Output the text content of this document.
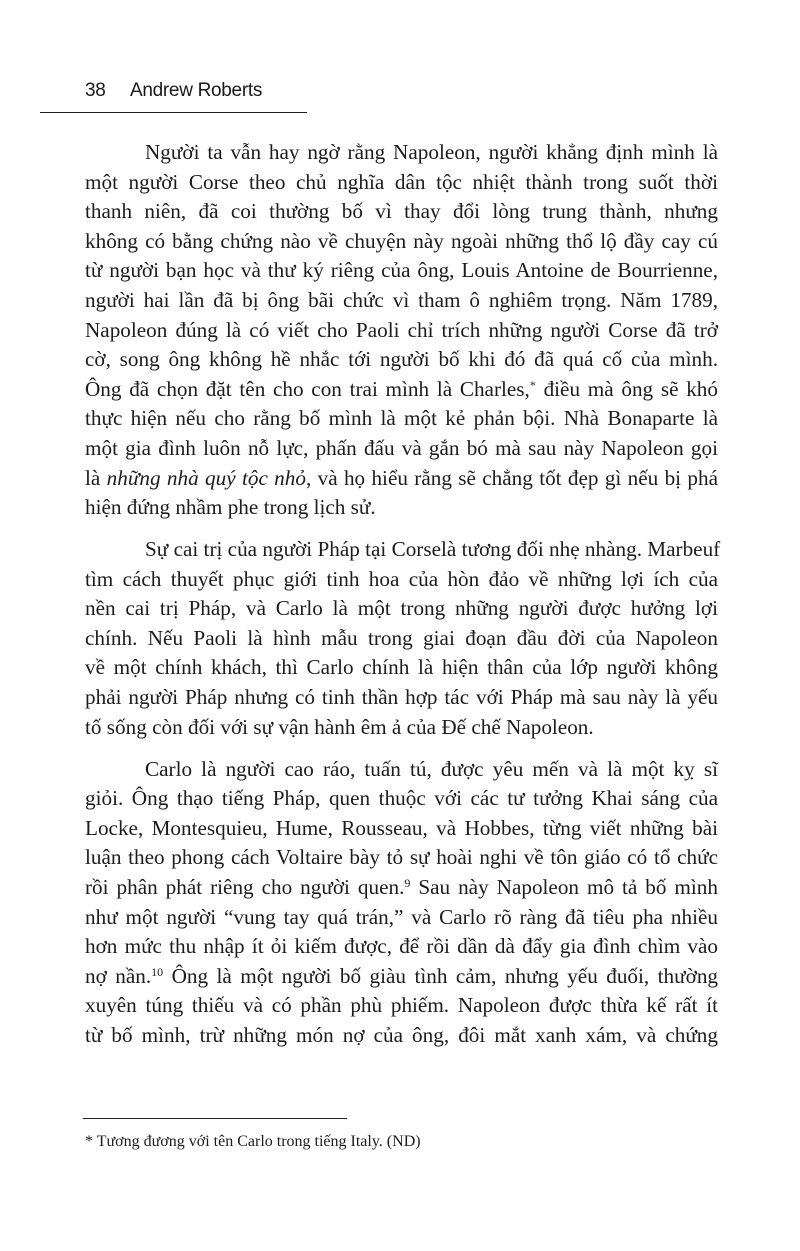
38 Andrew Roberts
Người ta vẫn hay ngờ rằng Napoleon, người khẳng định mình là
một người Corse theo chủ nghĩa dân tộc nhiệt thành trong suốt thời
thanh niên, đã coi thường bố vì thay đổi lòng trung thành, nhưng
không có bằng chứng nào về chuyện này ngoài những thổ lộ đầy cay cú
từ người bạn học và thư ký riêng của ông, Louis Antoine de Bourrienne,
người hai lần đã bị ông bãi chức vì tham ô nghiêm trọng. Năm 1789,
Napoleon đúng là có viết cho Paoli chỉ trích những người Corse đã trở
cờ, song ông không hề nhắc tới người bố khi đó đã quá cố của mình.
Ông đã chọn đặt tên cho con trai mình là Charles,* điều mà ông sẽ khó
thực hiện nếu cho rằng bố mình là một kẻ phản bội. Nhà Bonaparte là
một gia đình luôn nỗ lực, phấn đấu và gắn bó mà sau này Napoleon gọi
là những nhà quý tộc nhỏ, và họ hiểu rằng sẽ chẳng tốt đẹp gì nếu bị phá
hiện đứng nhầm phe trong lịch sử.
Sự cai trị của người Pháp tại Corselà tương đối nhẹ nhàng. Marbeuf
tìm cách thuyết phục giới tinh hoa của hòn đảo về những lợi ích của
nền cai trị Pháp, và Carlo là một trong những người được hưởng lợi
chính. Nếu Paoli là hình mẫu trong giai đoạn đầu đời của Napoleon
về một chính khách, thì Carlo chính là hiện thân của lớp người không
phải người Pháp nhưng có tinh thần hợp tác với Pháp mà sau này là yếu
tố sống còn đối với sự vận hành êm ả của Đế chế Napoleon.
Carlo là người cao ráo, tuấn tú, được yêu mến và là một kỵ sĩ
giỏi. Ông thạo tiếng Pháp, quen thuộc với các tư tưởng Khai sáng của
Locke, Montesquieu, Hume, Rousseau, và Hobbes, từng viết những bài
luận theo phong cách Voltaire bày tỏ sự hoài nghi về tôn giáo có tổ chức
rồi phân phát riêng cho người quen.$^9$ Sau này Napoleon mô tả bố mình
như một người “vung tay quá trán,” và Carlo rõ ràng đã tiêu pha nhiều
hơn mức thu nhập ít ỏi kiếm được, để rồi dần dà đẩy gia đình chìm vào
nợ nần.$^{10}$ Ông là một người bố giàu tình cảm, nhưng yếu đuối, thường
xuyên túng thiếu và có phần phù phiếm. Napoleon được thừa kế rất ít
từ bố mình, trừ những món nợ của ông, đôi mắt xanh xám, và chứng
* Tương đương với tên Carlo trong tiếng Italy. (ND)
